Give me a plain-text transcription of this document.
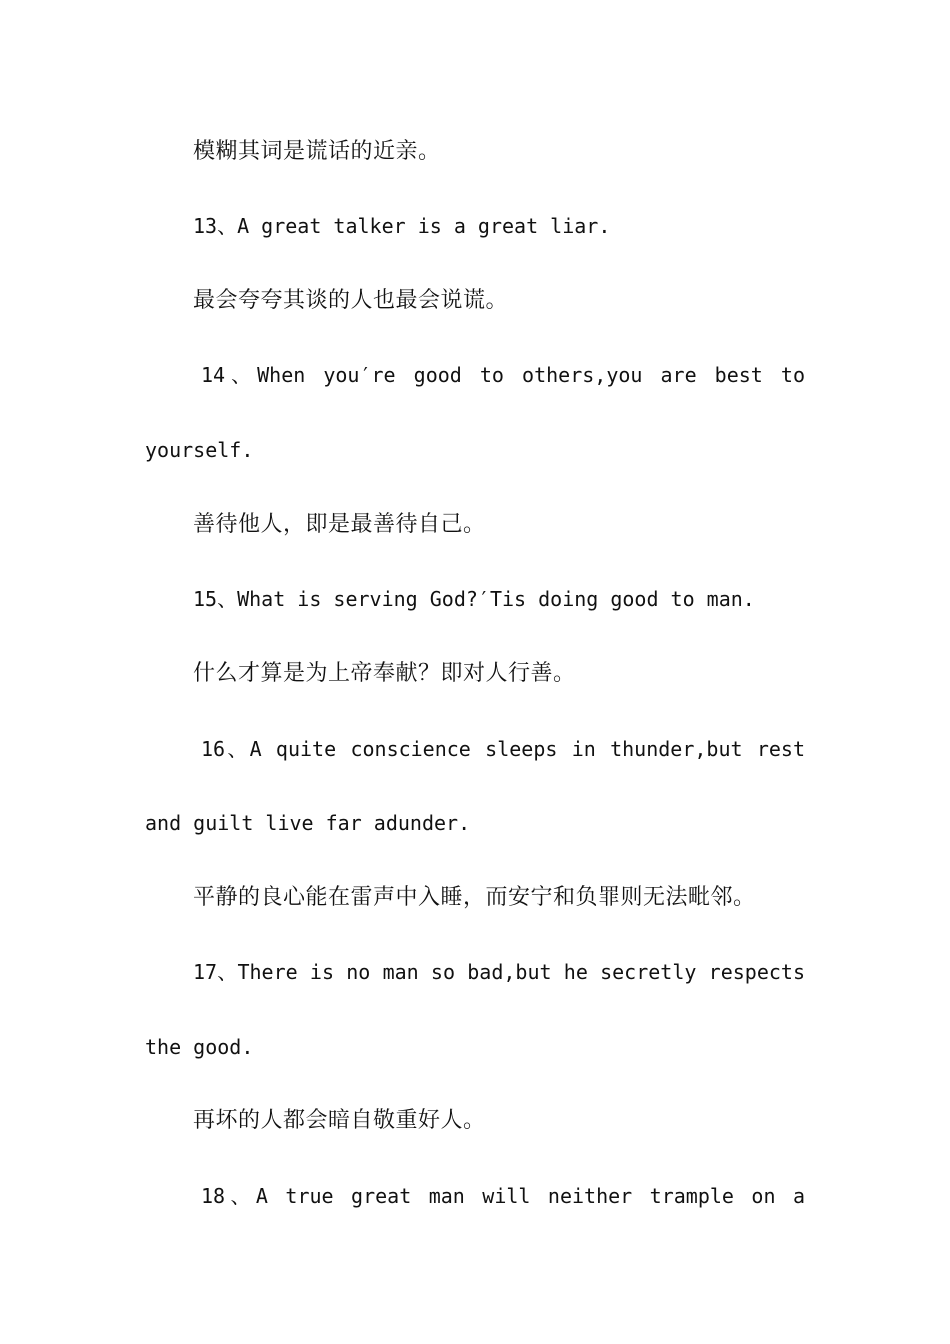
模糊其词是谎话的近亲。
13、A great talker is a great liar.
最会夸夸其谈的人也最会说谎。
14、When you′re good to others,you are best to
yourself.
善待他人，即是最善待自己。
15、What is serving God?′Tis doing good to man.
什么才算是为上帝奉献？即对人行善。
16、A quite conscience sleeps in thunder,but rest
and guilt live far adunder.
平静的良心能在雷声中入睡，而安宁和负罪则无法毗邻。
17、There is no man so bad,but he secretly respects
the good.
再坏的人都会暗自敬重好人。
18、A true great man will neither trample on a
